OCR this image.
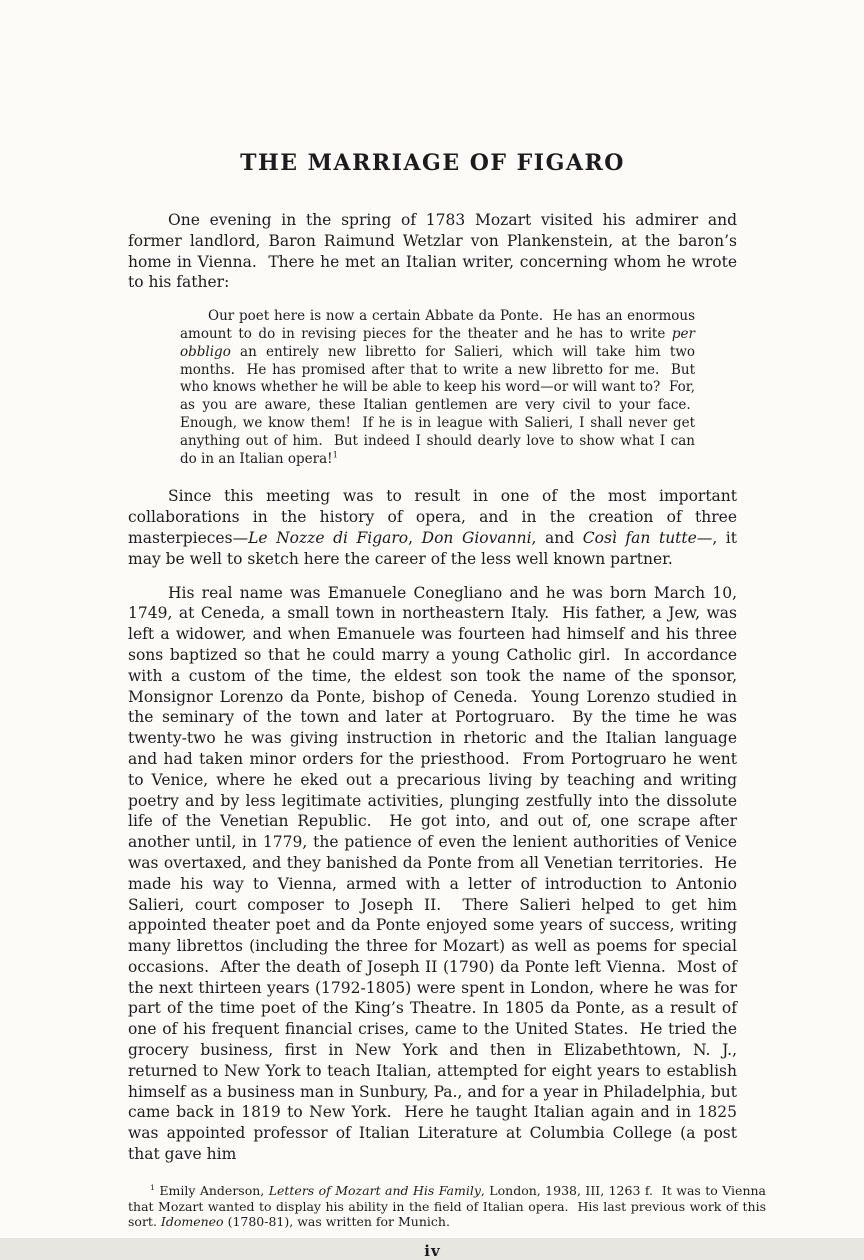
THE MARRIAGE OF FIGARO

One evening in the spring of 1783 Mozart visited his admirer and former landlord, Baron Raimund Wetzlar von Plankenstein, at the baron’s home in Vienna.  There he met an Italian writer, concerning whom he wrote to his father:

Our poet here is now a certain Abbate da Ponte.  He has an enormous amount to do in revising pieces for the theater and he has to write per obbligo an entirely new libretto for Salieri, which will take him two months.  He has promised after that to write a new libretto for me.  But who knows whether he will be able to keep his word—or will want to?  For, as you are aware, these Italian gentlemen are very civil to your face.  Enough, we know them!  If he is in league with Salieri, I shall never get anything out of him.  But indeed I should dearly love to show what I can do in an Italian opera!$^1$

Since this meeting was to result in one of the most important collaborations in the history of opera, and in the creation of three masterpieces—Le Nozze di Figaro, Don Giovanni, and Così fan tutte—, it may be well to sketch here the career of the less well known partner.

His real name was Emanuele Conegliano and he was born March 10, 1749, at Ceneda, a small town in northeastern Italy.  His father, a Jew, was left a widower, and when Emanuele was fourteen had himself and his three sons baptized so that he could marry a young Catholic girl.  In accordance with a custom of the time, the eldest son took the name of the sponsor, Monsignor Lorenzo da Ponte, bishop of Ceneda.  Young Lorenzo studied in the seminary of the town and later at Portogruaro.  By the time he was twenty-two he was giving instruction in rhetoric and the Italian language and had taken minor orders for the priesthood.  From Portogruaro he went to Venice, where he eked out a precarious living by teaching and writing poetry and by less legitimate activities, plunging zestfully into the dissolute life of the Venetian Republic.  He got into, and out of, one scrape after another until, in 1779, the patience of even the lenient authorities of Venice was overtaxed, and they banished da Ponte from all Venetian territories.  He made his way to Vienna, armed with a letter of introduction to Antonio Salieri, court composer to Joseph II.  There Salieri helped to get him appointed theater poet and da Ponte enjoyed some years of success, writing many librettos (including the three for Mozart) as well as poems for special occasions.  After the death of Joseph II (1790) da Ponte left Vienna.  Most of the next thirteen years (1792-1805) were spent in London, where he was for part of the time poet of the King’s Theatre. In 1805 da Ponte, as a result of one of his frequent financial crises, came to the United States.  He tried the grocery business, first in New York and then in Elizabethtown, N. J., returned to New York to teach Italian, attempted for eight years to establish himself as a business man in Sunbury, Pa., and for a year in Philadelphia, but came back in 1819 to New York.  Here he taught Italian again and in 1825 was appointed professor of Italian Literature at Columbia College (a post that gave him

$^1$ Emily Anderson, Letters of Mozart and His Family, London, 1938, III, 1263 f.  It was to Vienna that Mozart wanted to display his ability in the field of Italian opera.  His last previous work of this sort. Idomeneo (1780-81), was written for Munich.
iv
